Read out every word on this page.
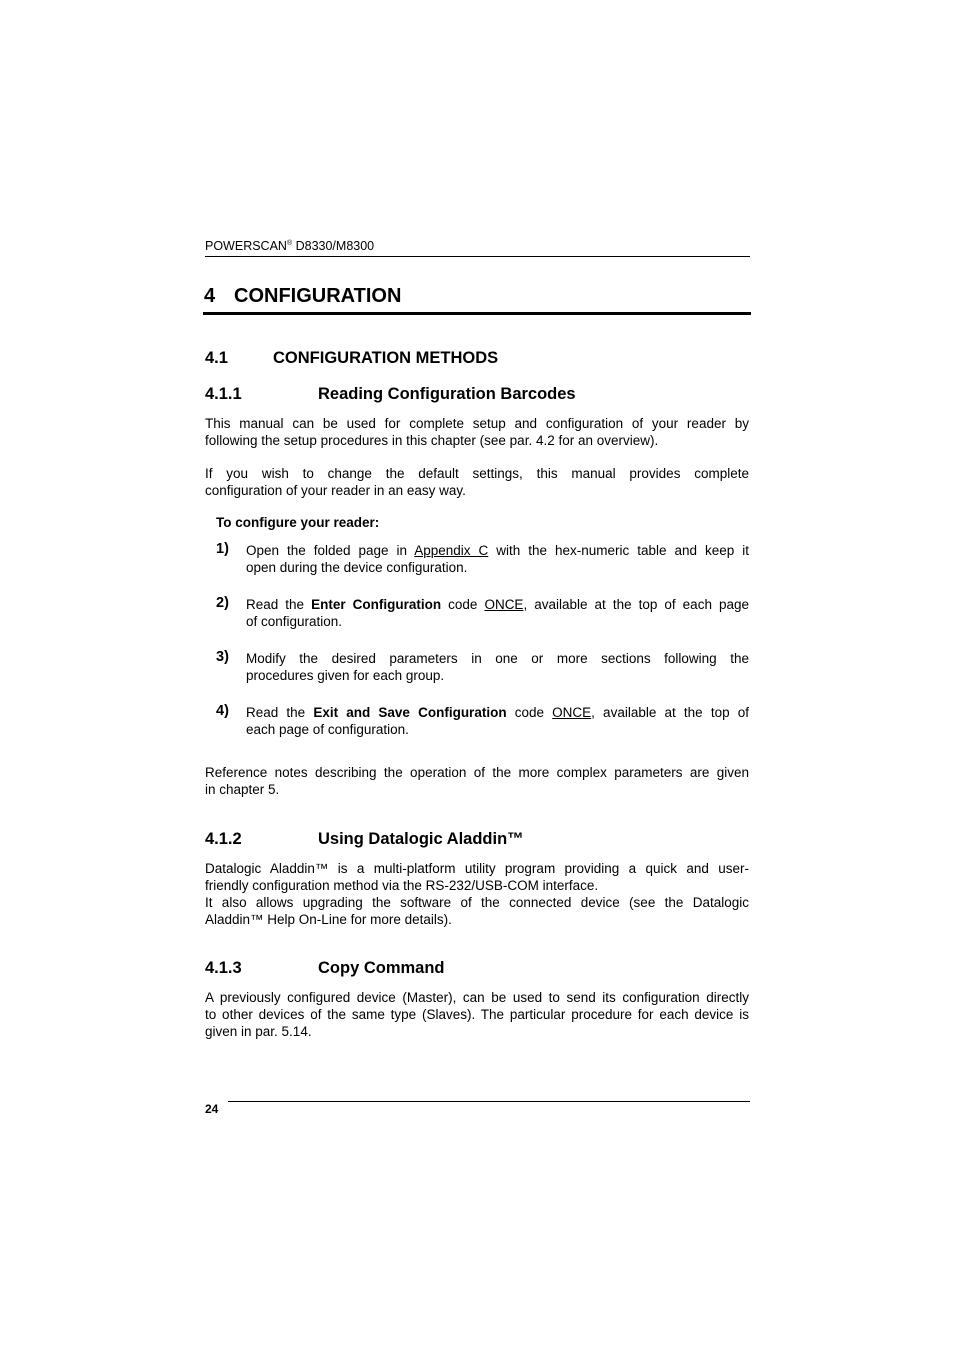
POWERSCAN® D8330/M8300
4 CONFIGURATION
4.1	CONFIGURATION METHODS
4.1.1	Reading Configuration Barcodes
This manual can be used for complete setup and configuration of your reader by
following the setup procedures in this chapter (see par. 4.2 for an overview).
If you wish to change the default settings, this manual provides complete
configuration of your reader in an easy way.
To configure your reader:
1) Open the folded page in Appendix C with the hex-numeric table and keep it
open during the device configuration.
2) Read the Enter Configuration code ONCE, available at the top of each page
of configuration.
3) Modify the desired parameters in one or more sections following the
procedures given for each group.
4) Read the Exit and Save Configuration code ONCE, available at the top of
each page of configuration.
Reference notes describing the operation of the more complex parameters are given
in chapter 5.
4.1.2	Using Datalogic Aladdin™
Datalogic Aladdin™ is a multi-platform utility program providing a quick and user-
friendly configuration method via the RS-232/USB-COM interface.
It also allows upgrading the software of the connected device (see the Datalogic
Aladdin™ Help On-Line for more details).
4.1.3	Copy Command
A previously configured device (Master), can be used to send its configuration directly
to other devices of the same type (Slaves). The particular procedure for each device is
given in par. 5.14.
24
